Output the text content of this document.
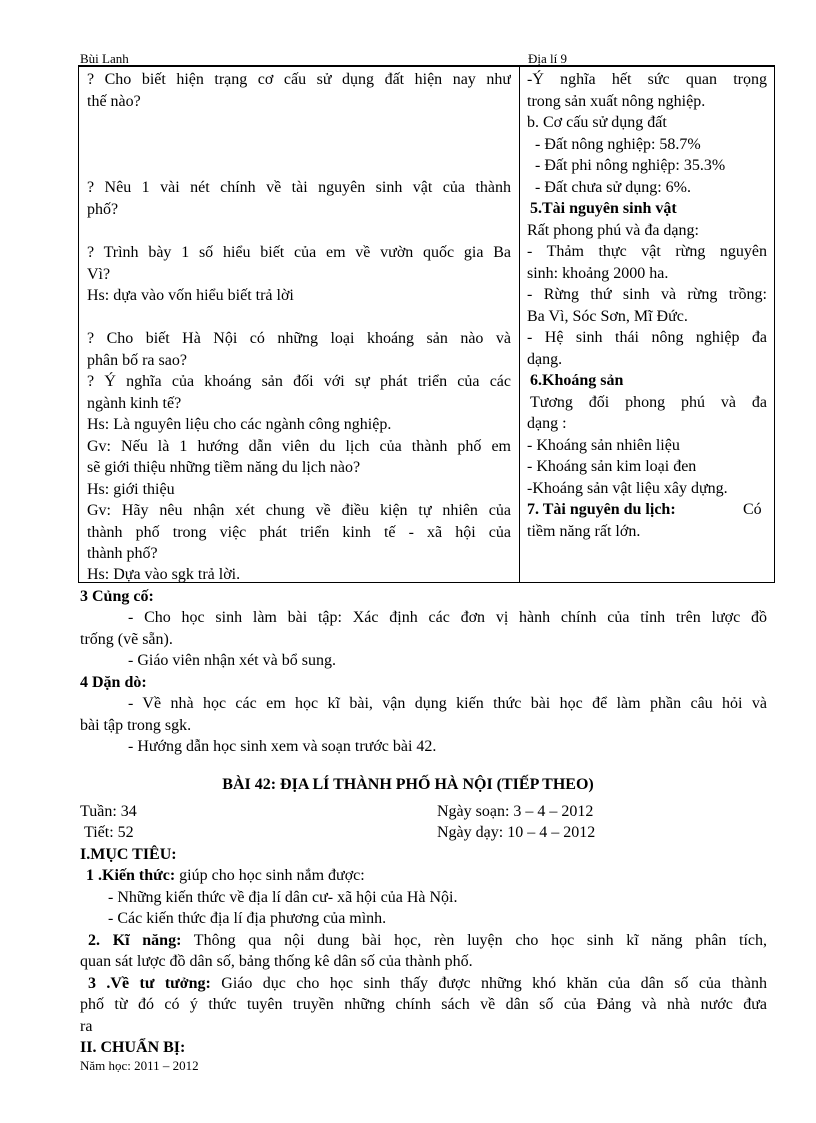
Bùi Lanh	Địa lí 9
? Cho biết hiện trạng cơ cấu sử dụng đất hiện nay như
thế nào?
? Nêu 1 vài nét chính về tài nguyên sinh vật của thành
phố?
? Trình bày 1 số hiểu biết của em về vườn quốc gia Ba
Vì?
Hs: dựa vào vốn hiểu biết trả lời
? Cho biết Hà Nội có những loại khoáng sản nào và
phân bố ra sao?
? Ý nghĩa của khoáng sản đối với sự phát triển của các
ngành kinh tế?
Hs: Là nguyên liệu cho các ngành công nghiệp.
Gv: Nếu là 1 hướng dẫn viên du lịch của thành phố em
sẽ giới thiệu những tiềm năng du lịch nào?
Hs: giới thiệu
Gv: Hãy nêu nhận xét chung về điều kiện tự nhiên của
thành phố trong việc phát triển kinh tế - xã hội của
thành phố?
Hs: Dựa vào sgk trả lời.
-Ý nghĩa hết sức quan trọng
trong sản xuất nông nghiệp.
b. Cơ cấu sử dụng đất
- Đất nông nghiệp: 58.7%
- Đất phi nông nghiệp: 35.3%
- Đất chưa sử dụng: 6%.
5.Tài nguyên sinh vật
Rất phong phú và đa dạng:
- Thảm thực vật rừng nguyên
sinh: khoảng 2000 ha.
- Rừng thứ sinh và rừng trồng:
Ba Vì, Sóc Sơn, Mĩ Đức.
- Hệ sinh thái nông nghiệp đa
dạng.
6.Khoáng sản
Tương đối phong phú và đa
dạng :
- Khoáng sản nhiên liệu
- Khoáng sản kim loại đen
-Khoáng sản vật liệu xây dựng.
7. Tài nguyên du lịch:	Có
tiềm năng rất lớn.
3 Củng cố:
- Cho học sinh làm bài tập: Xác định các đơn vị hành chính của tỉnh trên lược đồ
trống (vẽ sẵn).
- Giáo viên nhận xét và bổ sung.
4 Dặn dò:
- Về nhà học các em học kĩ bài, vận dụng kiến thức bài học để làm phần câu hỏi và
bài tập trong sgk.
- Hướng dẫn học sinh xem và soạn trước bài 42.
BÀI 42: ĐỊA LÍ THÀNH PHỐ HÀ NỘI (TIẾP THEO)
Tuần: 34	Ngày soạn: 3 – 4 – 2012
Tiết: 52	Ngày dạy: 10 – 4 – 2012
I.MỤC TIÊU:
1 .Kiến thức: giúp cho học sinh nắm được:
- Những kiến thức về địa lí dân cư- xã hội của Hà Nội.
- Các kiến thức địa lí địa phương của mình.
2. Kĩ năng: Thông qua nội dung bài học, rèn luyện cho học sinh kĩ năng phân tích,
quan sát lược đồ dân số, bảng thống kê dân số của thành phố.
3 .Về tư tưởng: Giáo dục cho học sinh thấy được những khó khăn của dân số của thành
phố từ đó có ý thức tuyên truyền những chính sách về dân số của Đảng và nhà nước đưa
ra
II. CHUẨN BỊ:
Năm học: 2011 – 2012
